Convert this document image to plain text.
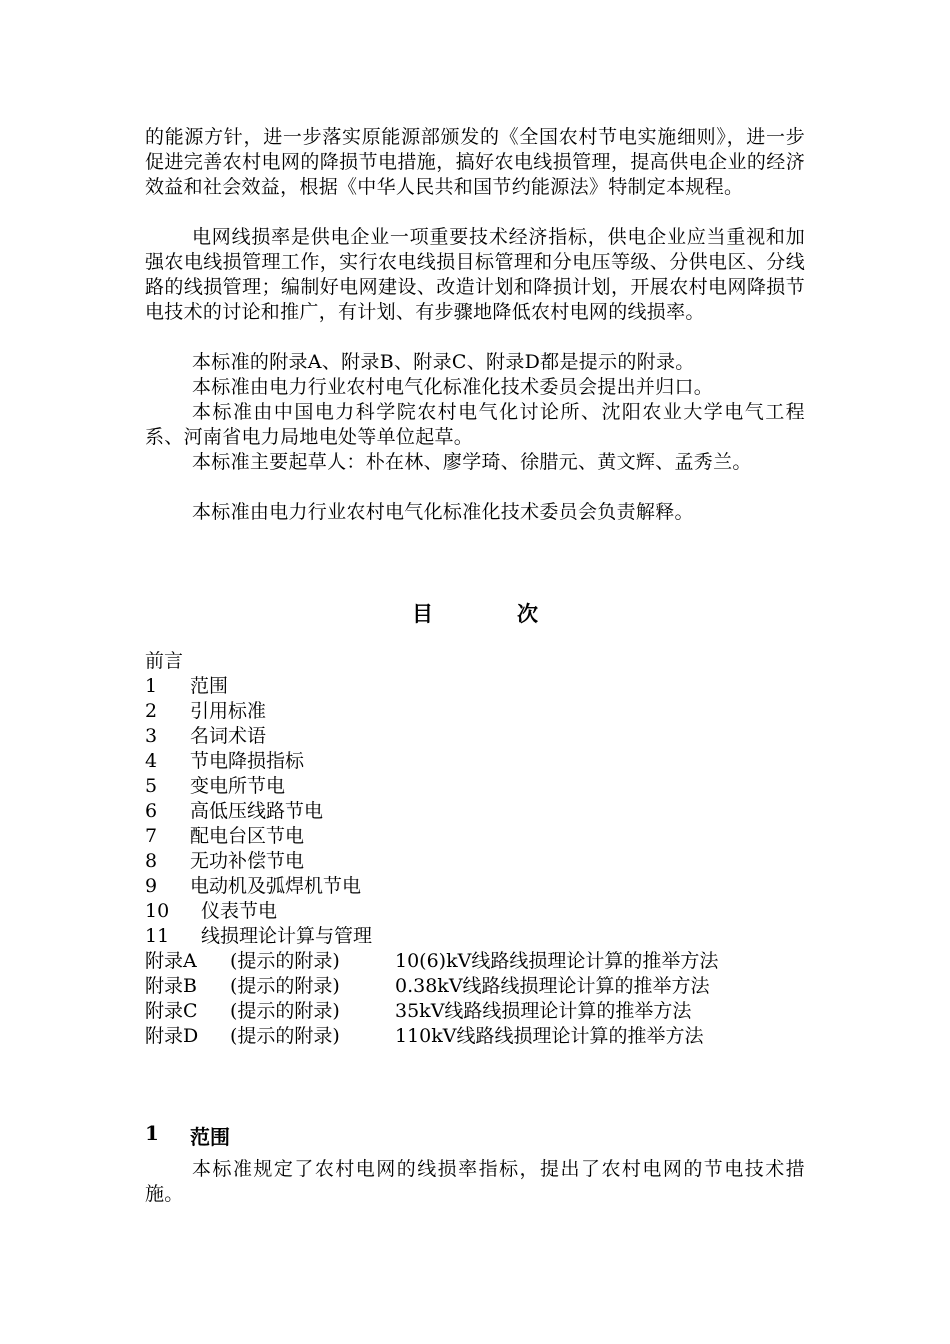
的能源方针，进一步落实原能源部颁发的《全国农村节电实施细则》，进一步促进完善农村电网的降损节电措施，搞好农电线损管理，提高供电企业的经济效益和社会效益，根据《中华人民共和国节约能源法》特制定本规程。

电网线损率是供电企业一项重要技术经济指标，供电企业应当重视和加强农电线损管理工作，实行农电线损目标管理和分电压等级、分供电区、分线路的线损管理；编制好电网建设、改造计划和降损计划，开展农村电网降损节电技术的讨论和推广，有计划、有步骤地降低农村电网的线损率。

本标准的附录A、附录B、附录C、附录D都是提示的附录。

本标准由电力行业农村电气化标准化技术委员会提出并归口。

本标准由中国电力科学院农村电气化讨论所、沈阳农业大学电气工程系、河南省电力局地电处等单位起草。

本标准主要起草人：朴在林、廖学琦、徐腊元、黄文辉、孟秀兰。

本标准由电力行业农村电气化标准化技术委员会负责解释。

目次
前言
1	范围
2	引用标准
3	名词术语
4	节电降损指标
5	变电所节电
6	高低压线路节电
7	配电台区节电
8	无功补偿节电
9	电动机及弧焊机节电
10	仪表节电
11	线损理论计算与管理
附录A	(提示的附录)	10(6)kV线路线损理论计算的推举方法
附录B	(提示的附录)	0.38kV线路线损理论计算的推举方法
附录C	(提示的附录)	35kV线路线损理论计算的推举方法
附录D	(提示的附录)	110kV线路线损理论计算的推举方法
1	范围

本标准规定了农村电网的线损率指标，提出了农村电网的节电技术措施。
